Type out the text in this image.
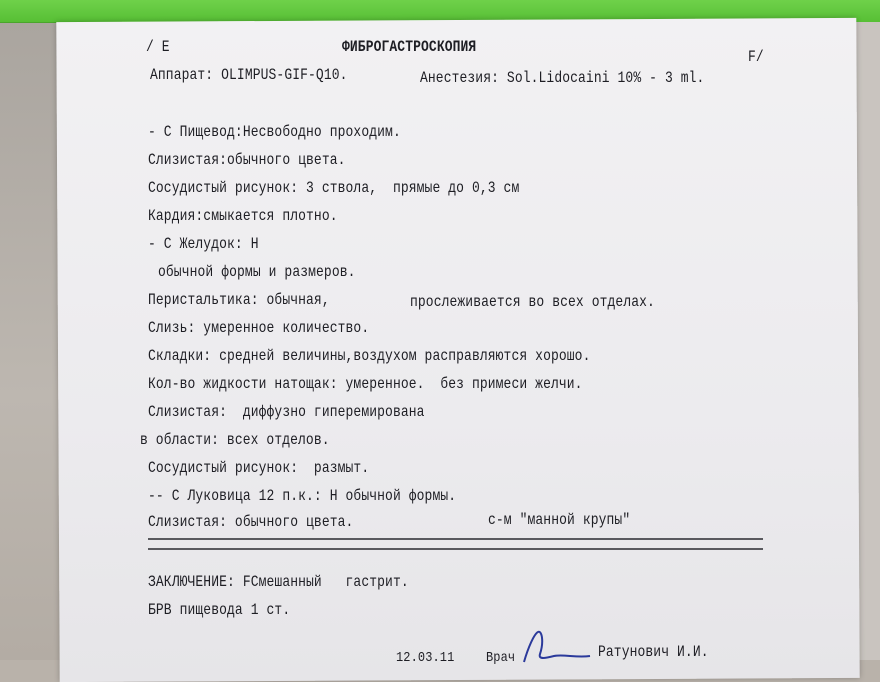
/ E	ФИБРОГАСТРОСКОПИЯ
F/
Аппарат: OLIMPUS-GIF-Q10.	Анестезия: Sol.Lidocaini 10% - 3 ml.
- С Пищевод:Heсвободно проходим.
Слизистая:обычного цвета.
Сосудистый рисунок: 3 ствола,  прямые до 0,3 см
Кардия:смыкается плотно.
- С Желудок: Н
обычной формы и размеров.
Перистальтика: обычная,	прослеживается во всех отделах.
Слизь: умеренное количество.
Складки: средней величины,воздухом расправляются хорошо.
Кол-во жидкости натощак: умеренное.  без примеси желчи.
Слизистая:  диффузно гиперемирована
в области: всех отделов.
Сосудистый рисунок:  размыт.
-- С Луковица 12 п.к.: Н обычной формы.
Слизистая: обычного цвета.	с-м "манной крупы"
ЗАКЛЮЧЕНИЕ: FСмешанный   гастрит.
БРВ пищевода 1 ст.
12.03.11	Врач	Ратунович И.И.
